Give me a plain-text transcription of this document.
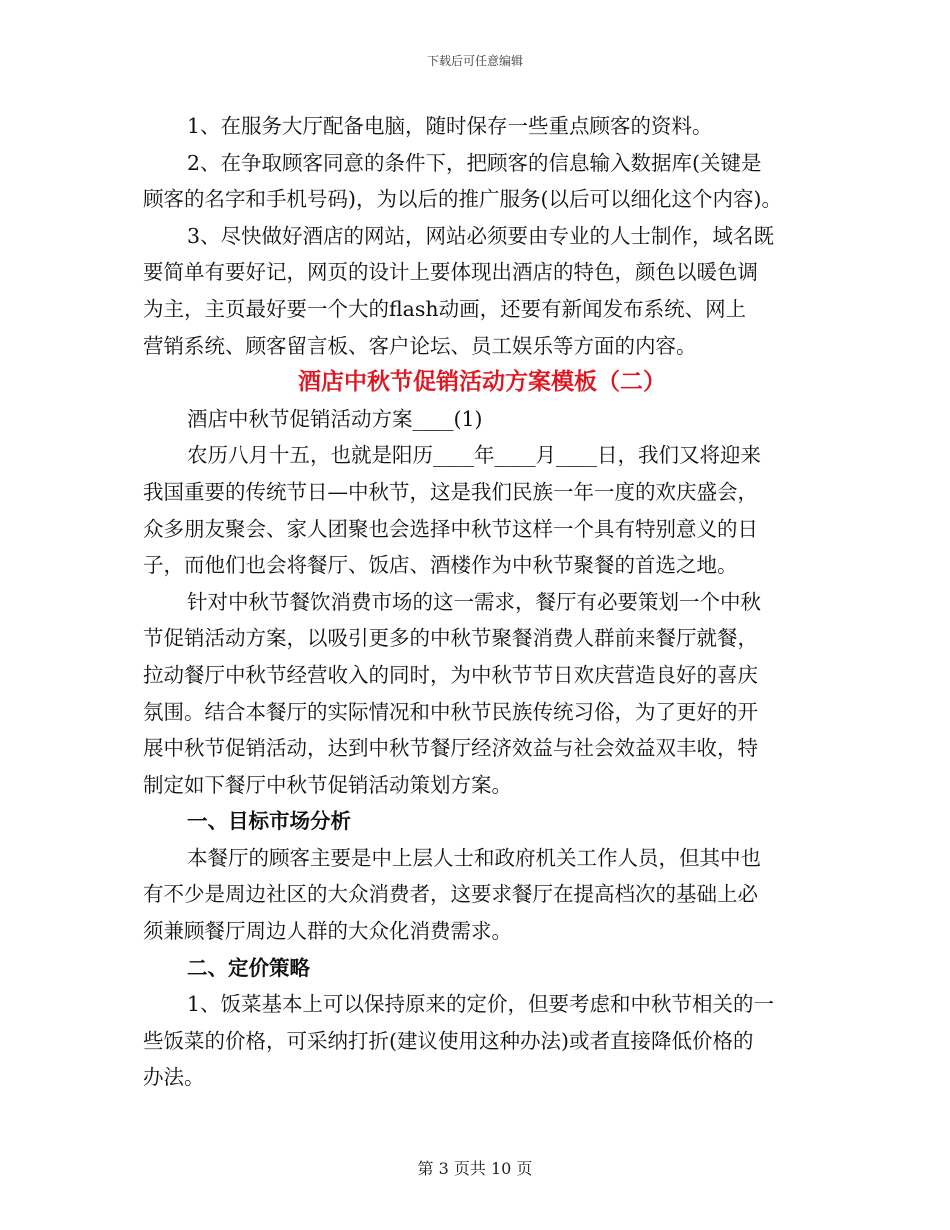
下载后可任意编辑
1、在服务大厅配备电脑，随时保存一些重点顾客的资料。
2、在争取顾客同意的条件下，把顾客的信息输入数据库(关键是
顾客的名字和手机号码)，为以后的推广服务(以后可以细化这个内容)。
3、尽快做好酒店的网站，网站必须要由专业的人士制作，域名既
要简单有要好记，网页的设计上要体现出酒店的特色，颜色以暖色调
为主，主页最好要一个大的flash动画，还要有新闻发布系统、网上
营销系统、顾客留言板、客户论坛、员工娱乐等方面的内容。
酒店中秋节促销活动方案模板（二）
酒店中秋节促销活动方案____(1)
农历八月十五，也就是阳历____年____月____日，我们又将迎来
我国重要的传统节日—中秋节，这是我们民族一年一度的欢庆盛会，
众多朋友聚会、家人团聚也会选择中秋节这样一个具有特别意义的日
子，而他们也会将餐厅、饭店、酒楼作为中秋节聚餐的首选之地。
针对中秋节餐饮消费市场的这一需求，餐厅有必要策划一个中秋
节促销活动方案，以吸引更多的中秋节聚餐消费人群前来餐厅就餐，
拉动餐厅中秋节经营收入的同时，为中秋节节日欢庆营造良好的喜庆
氛围。结合本餐厅的实际情况和中秋节民族传统习俗，为了更好的开
展中秋节促销活动，达到中秋节餐厅经济效益与社会效益双丰收，特
制定如下餐厅中秋节促销活动策划方案。
一、目标市场分析
本餐厅的顾客主要是中上层人士和政府机关工作人员，但其中也
有不少是周边社区的大众消费者，这要求餐厅在提高档次的基础上必
须兼顾餐厅周边人群的大众化消费需求。
二、定价策略
1、饭菜基本上可以保持原来的定价，但要考虑和中秋节相关的一
些饭菜的价格，可采纳打折(建议使用这种办法)或者直接降低价格的
办法。
第 3 页共 10 页
